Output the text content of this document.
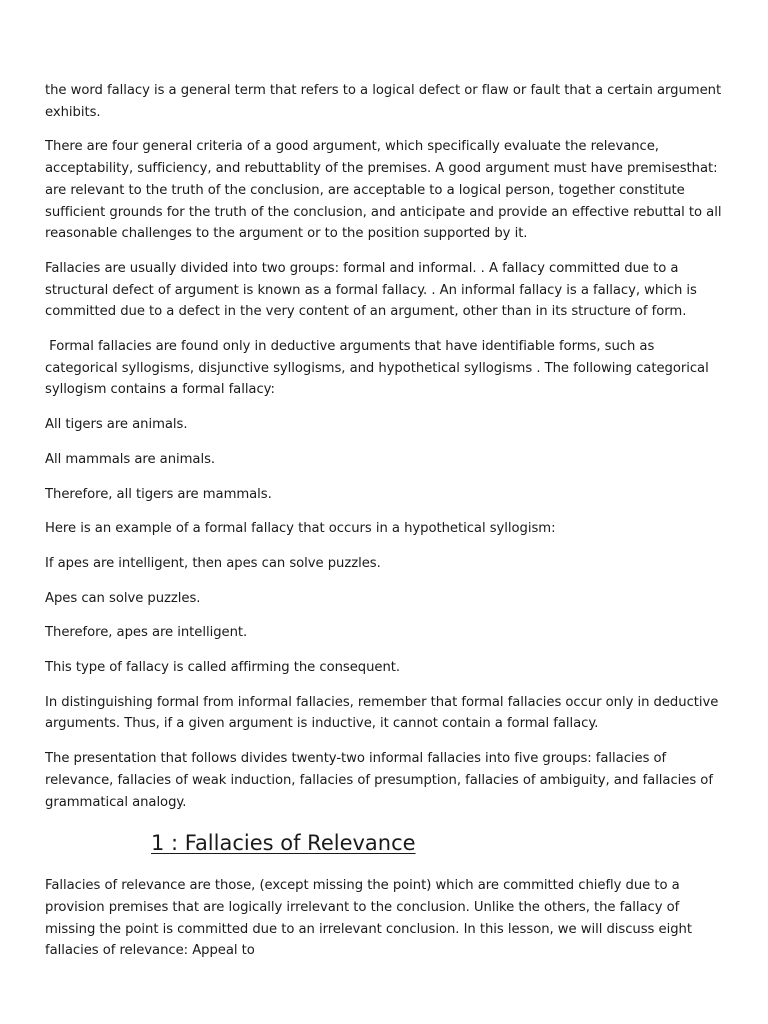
the word fallacy is a general term that refers to a logical defect or flaw or fault that a certain argument exhibits.

There are four general criteria of a good argument, which specifically evaluate the relevance, acceptability, sufficiency, and rebuttablity of the premises. A good argument must have premisesthat: are relevant to the truth of the conclusion, are acceptable to a logical person, together constitute sufficient grounds for the truth of the conclusion, and anticipate and provide an effective rebuttal to all reasonable challenges to the argument or to the position supported by it.

Fallacies are usually divided into two groups: formal and informal. . A fallacy committed due to a structural defect of argument is known as a formal fallacy. . An informal fallacy is a fallacy, which is committed due to a defect in the very content of an argument, other than in its structure of form.

Formal fallacies are found only in deductive arguments that have identifiable forms, such as categorical syllogisms, disjunctive syllogisms, and hypothetical syllogisms . The following categorical syllogism contains a formal fallacy:

All tigers are animals.

All mammals are animals.

Therefore, all tigers are mammals.

Here is an example of a formal fallacy that occurs in a hypothetical syllogism:

If apes are intelligent, then apes can solve puzzles.

Apes can solve puzzles.

Therefore, apes are intelligent.

This type of fallacy is called affirming the consequent.

In distinguishing formal from informal fallacies, remember that formal fallacies occur only in deductive arguments. Thus, if a given argument is inductive, it cannot contain a formal fallacy.

The presentation that follows divides twenty-two informal fallacies into five groups: fallacies of relevance, fallacies of weak induction, fallacies of presumption, fallacies of ambiguity, and fallacies of grammatical analogy.

1 : Fallacies of Relevance

Fallacies of relevance are those, (except missing the point) which are committed chiefly due to a provision premises that are logically irrelevant to the conclusion. Unlike the others, the fallacy of missing the point is committed due to an irrelevant conclusion. In this lesson, we will discuss eight fallacies of relevance: Appeal to
